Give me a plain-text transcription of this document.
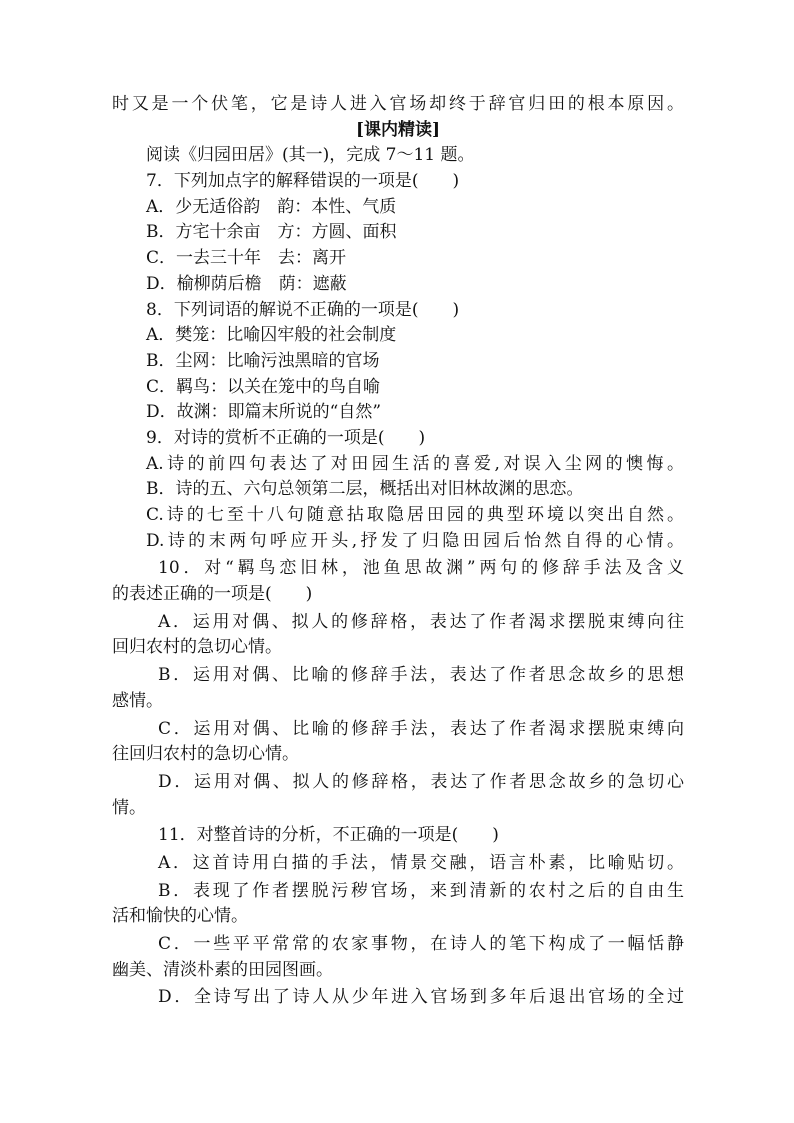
时又是一个伏笔，它是诗人进入官场却终于辞官归田的根本原因。
[课内精读]
阅读《归园田居》(其一)，完成 7～11 题。
7．下列加点字的解释错误的一项是(　　)
A．少无适俗韵　韵：本性、气质
B．方宅十余亩　方：方圆、面积
C．一去三十年　去：离开
D．榆柳荫后檐　荫：遮蔽
8．下列词语的解说不正确的一项是(　　)
A．樊笼：比喻囚牢般的社会制度
B．尘网：比喻污浊黑暗的官场
C．羁鸟：以关在笼中的鸟自喻
D．故渊：即篇末所说的“自然”
9．对诗的赏析不正确的一项是(　　)
A.诗的前四句表达了对田园生活的喜爱,对误入尘网的懊悔。
B．诗的五、六句总领第二层，概括出对旧林故渊的思恋。
C.诗的七至十八句随意拈取隐居田园的典型环境以突出自然。
D.诗的末两句呼应开头,抒发了归隐田园后怡然自得的心情。
10．对“羁鸟恋旧林，池鱼思故渊”两句的修辞手法及含义
的表述正确的一项是(　　)
A．运用对偶、拟人的修辞格，表达了作者渴求摆脱束缚向往
回归农村的急切心情。
B．运用对偶、比喻的修辞手法，表达了作者思念故乡的思想
感情。
C．运用对偶、比喻的修辞手法，表达了作者渴求摆脱束缚向
往回归农村的急切心情。
D．运用对偶、拟人的修辞格，表达了作者思念故乡的急切心
情。
11．对整首诗的分析，不正确的一项是(　　)
A．这首诗用白描的手法，情景交融，语言朴素，比喻贴切。
B．表现了作者摆脱污秽官场，来到清新的农村之后的自由生
活和愉快的心情。
C．一些平平常常的农家事物，在诗人的笔下构成了一幅恬静
幽美、清淡朴素的田园图画。
D．全诗写出了诗人从少年进入官场到多年后退出官场的全过
